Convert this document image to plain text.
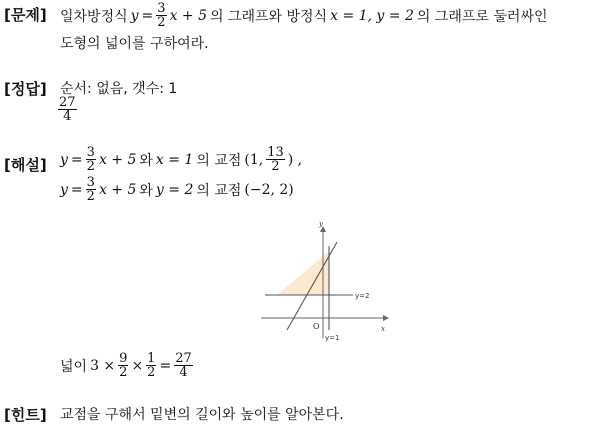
[문제] 일차방정식 $y = \frac{3}{2}$ x + 5 의 그래프와 방정식 x = 1, y = 2 의 그래프로 둘러싸인
도형의 넓이를 구하여라.
[정답] 순서: 없음, 갯수: 1
$\frac{27}{4}$
[해설] $y = \frac{3}{2}$ x + 5 와 x = 1 의 교점 (1, $\frac{13}{2}$ ) ,
$y = \frac{3}{2}$ x + 5 와 y = 2 의 교점 (−2, 2)
y
x
O
y=2
y=1
넓이 $3 \times \frac{9}{2} \times \frac{1}{2} = \frac{27}{4}$
[힌트] 교점을 구해서 밑변의 길이와 높이를 알아본다.
